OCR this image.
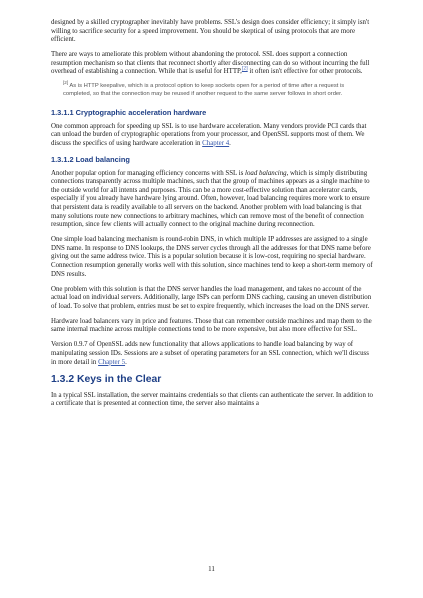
designed by a skilled cryptographer inevitably have problems. SSL's design does consider efficiency; it simply isn't willing to sacrifice security for a speed improvement. You should be skeptical of using protocols that are more efficient.

There are ways to ameliorate this problem without abandoning the protocol. SSL does support a connection resumption mechanism so that clients that reconnect shortly after disconnecting can do so without incurring the full overhead of establishing a connection. While that is useful for HTTP,[2] it often isn't effective for other protocols.

[2] As is HTTP keepalive, which is a protocol option to keep sockets open for a period of time after a request is completed, so that the connection may be reused if another request to the same server follows in short order.
1.3.1.1 Cryptographic acceleration hardware

One common approach for speeding up SSL is to use hardware acceleration. Many vendors provide PCI cards that can unload the burden of cryptographic operations from your processor, and OpenSSL supports most of them. We discuss the specifics of using hardware acceleration in Chapter 4.

1.3.1.2 Load balancing

Another popular option for managing efficiency concerns with SSL is load balancing, which is simply distributing connections transparently across multiple machines, such that the group of machines appears as a single machine to the outside world for all intents and purposes. This can be a more cost-effective solution than accelerator cards, especially if you already have hardware lying around. Often, however, load balancing requires more work to ensure that persistent data is readily available to all servers on the backend. Another problem with load balancing is that many solutions route new connections to arbitrary machines, which can remove most of the benefit of connection resumption, since few clients will actually connect to the original machine during reconnection.

One simple load balancing mechanism is round-robin DNS, in which multiple IP addresses are assigned to a single DNS name. In response to DNS lookups, the DNS server cycles through all the addresses for that DNS name before giving out the same address twice. This is a popular solution because it is low-cost, requiring no special hardware. Connection resumption generally works well with this solution, since machines tend to keep a short-term memory of DNS results.

One problem with this solution is that the DNS server handles the load management, and takes no account of the actual load on individual servers. Additionally, large ISPs can perform DNS caching, causing an uneven distribution of load. To solve that problem, entries must be set to expire frequently, which increases the load on the DNS server.

Hardware load balancers vary in price and features. Those that can remember outside machines and map them to the same internal machine across multiple connections tend to be more expensive, but also more effective for SSL.

Version 0.9.7 of OpenSSL adds new functionality that allows applications to handle load balancing by way of manipulating session IDs. Sessions are a subset of operating parameters for an SSL connection, which we'll discuss in more detail in Chapter 5.

1.3.2 Keys in the Clear

In a typical SSL installation, the server maintains credentials so that clients can authenticate the server. In addition to a certificate that is presented at connection time, the server also maintains a

11
